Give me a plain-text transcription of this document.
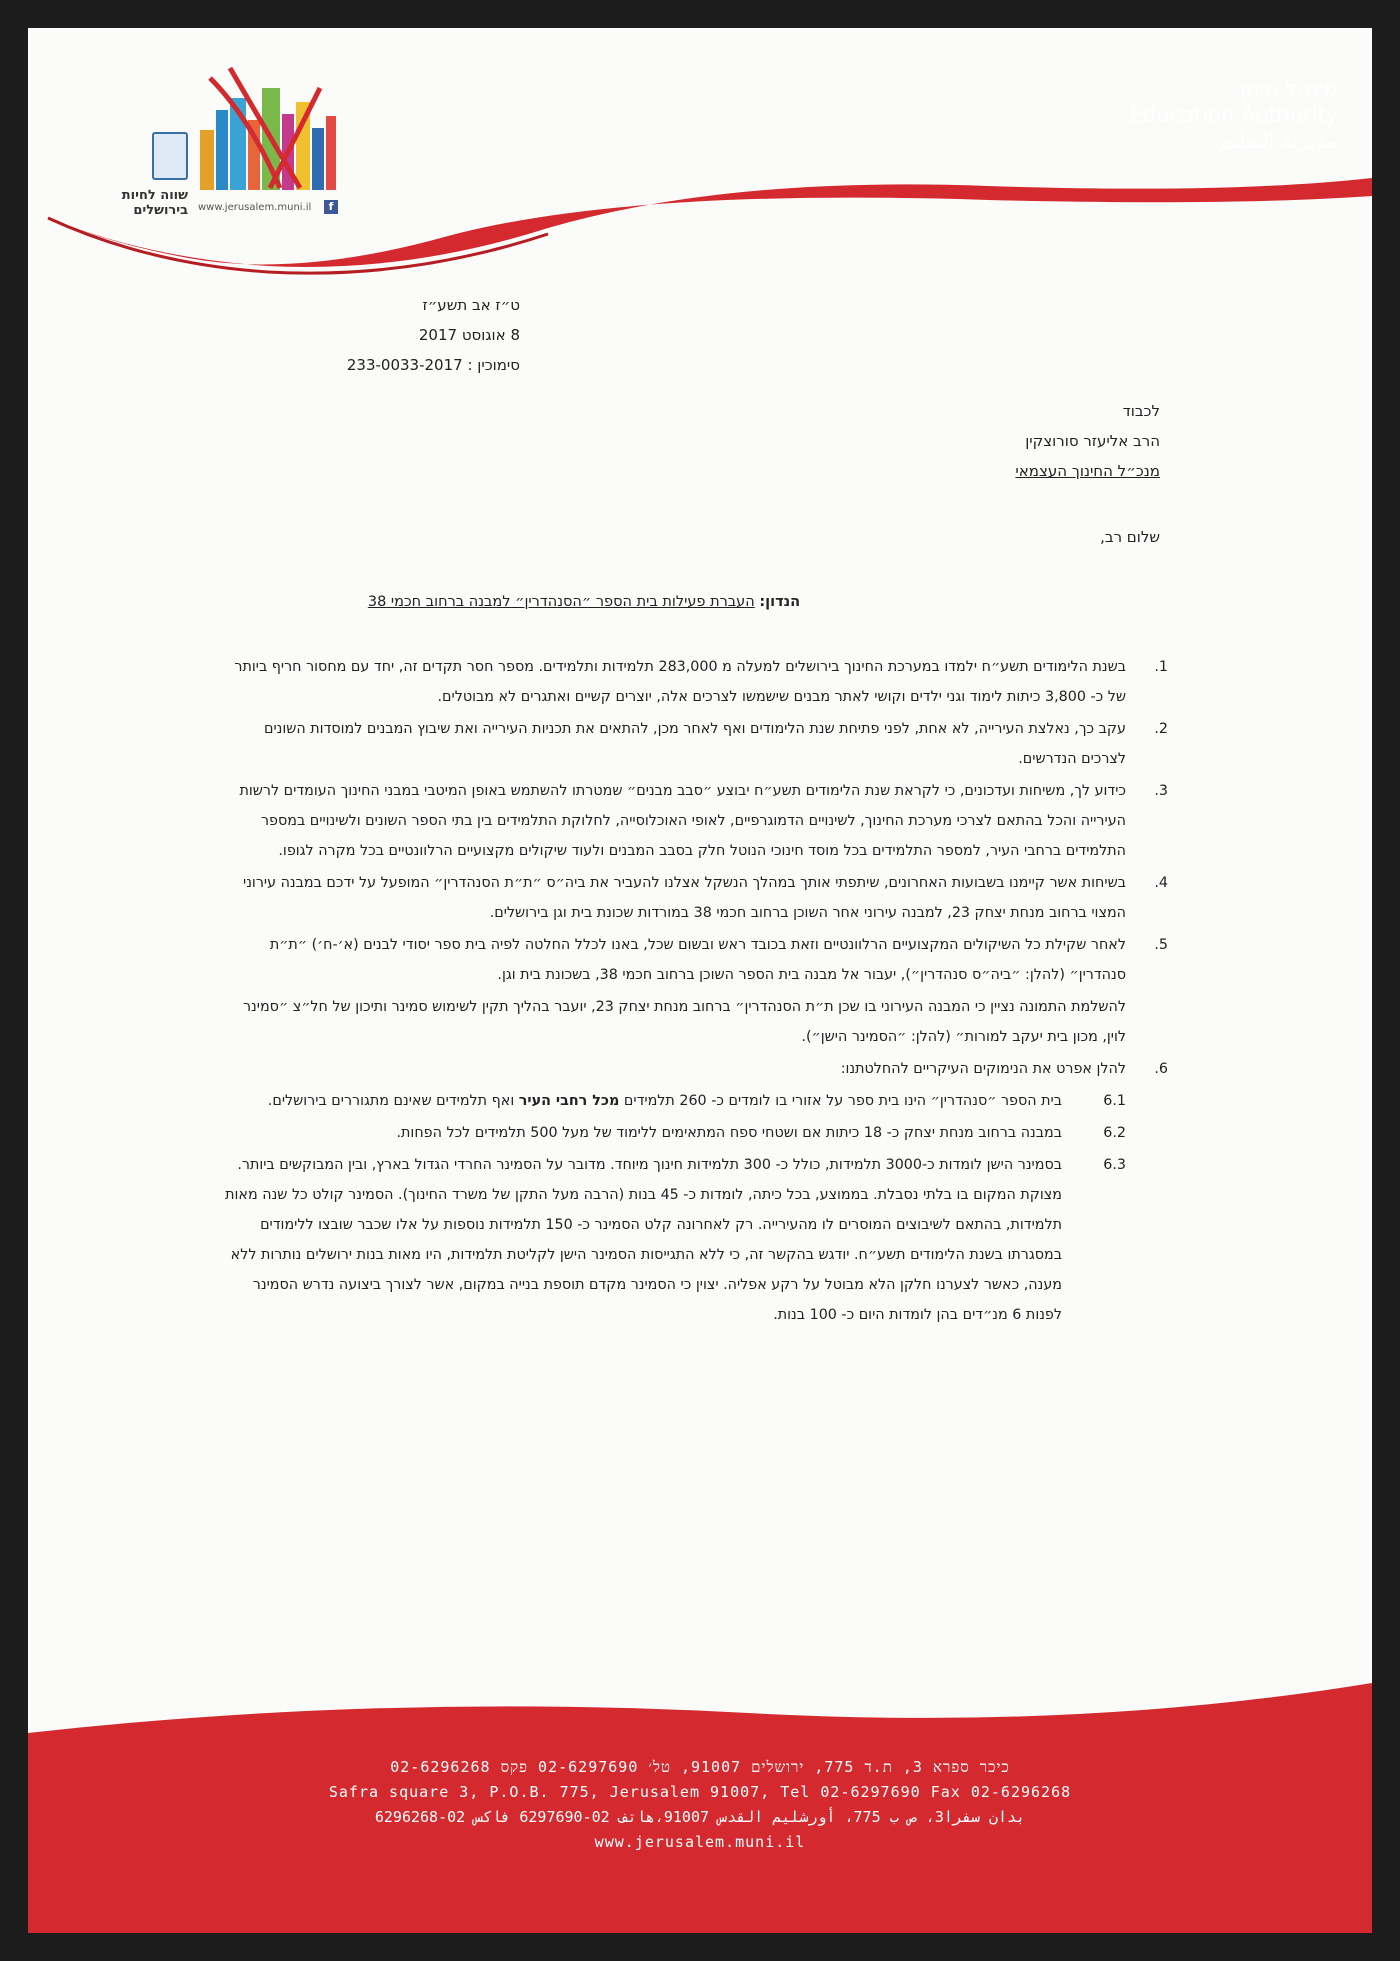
מינהל חינוך
Education Authority
مديرية التعليم
שווה לחיות
בירושלים www.jerusalem.muni.il	f
ט״ז אב תשע״ז
8 אוגוסט 2017
סימוכין : 233-0033-2017
לכבוד
הרב אליעזר סורוצקין
מנכ״ל החינוך העצמאי
שלום רב,
הנדון: העברת פעילות בית הספר ״הסנהדרין״ למבנה ברחוב חכמי 38
1.
בשנת הלימודים תשע״ח ילמדו במערכת החינוך בירושלים למעלה מ 283,000 תלמידות ותלמידים. מספר חסר תקדים זה, יחד עם מחסור חריף ביותר של כ- 3,800 כיתות לימוד וגני ילדים וקושי לאתר מבנים שישמשו לצרכים אלה, יוצרים קשיים ואתגרים לא מבוטלים.
2.
עקב כך, נאלצת העירייה, לא אחת, לפני פתיחת שנת הלימודים ואף לאחר מכן, להתאים את תכניות העירייה ואת שיבוץ המבנים למוסדות השונים לצרכים הנדרשים.
3.
כידוע לך, משיחות ועדכונים, כי לקראת שנת הלימודים תשע״ח יבוצע ״סבב מבנים״ שמטרתו להשתמש באופן המיטבי במבני החינוך העומדים לרשות העירייה והכל בהתאם לצרכי מערכת החינוך, לשינויים הדמוגרפיים, לאופי האוכלוסייה, לחלוקת התלמידים בין בתי הספר השונים ולשינויים במספר התלמידים ברחבי העיר, למספר התלמידים בכל מוסד חינוכי הנוטל חלק בסבב המבנים ולעוד שיקולים מקצועיים הרלוונטיים בכל מקרה לגופו.
4.
בשיחות אשר קיימנו בשבועות האחרונים, שיתפתי אותך במהלך הנשקל אצלנו להעביר את ביה״ס ״ת״ת הסנהדרין״ המופעל על ידכם במבנה עירוני המצוי ברחוב מנחת יצחק 23, למבנה עירוני אחר השוכן ברחוב חכמי 38 במורדות שכונת בית וגן בירושלים.
5.
לאחר שקילת כל השיקולים המקצועיים הרלוונטיים וזאת בכובד ראש ובשום שכל, באנו לכלל החלטה לפיה בית ספר יסודי לבנים (א׳-ח׳) ״ת״ת סנהדרין״ (להלן: ״ביה״ס סנהדרין״), יעבור אל מבנה בית הספר השוכן ברחוב חכמי 38, בשכונת בית וגן.
להשלמת התמונה נציין כי המבנה העירוני בו שכן ת״ת הסנהדרין״ ברחוב מנחת יצחק 23, יועבר בהליך תקין לשימוש סמינר ותיכון של חל״צ ״סמינר לוין, מכון בית יעקב למורות״ (להלן: ״הסמינר הישן״).
6.
להלן אפרט את הנימוקים העיקריים להחלטתנו:
6.1
בית הספר ״סנהדרין״ הינו בית ספר על אזורי בו לומדים כ- 260 תלמידים מכל רחבי העיר ואף תלמידים שאינם מתגוררים בירושלים.
6.2
במבנה ברחוב מנחת יצחק כ- 18 כיתות אם ושטחי ספח המתאימים ללימוד של מעל 500 תלמידים לכל הפחות.
6.3
בסמינר הישן לומדות כ-3000 תלמידות, כולל כ- 300 תלמידות חינוך מיוחד. מדובר על הסמינר החרדי הגדול בארץ, ובין המבוקשים ביותר. מצוקת המקום בו בלתי נסבלת. בממוצע, בכל כיתה, לומדות כ- 45 בנות (הרבה מעל התקן של משרד החינוך). הסמינר קולט כל שנה מאות תלמידות, בהתאם לשיבוצים המוסרים לו מהעירייה. רק לאחרונה קלט הסמינר כ- 150 תלמידות נוספות על אלו שכבר שובצו ללימודים במסגרתו בשנת הלימודים תשע״ח. יודגש בהקשר זה, כי ללא התגייסות הסמינר הישן לקליטת תלמידות, היו מאות בנות ירושלים נותרות ללא מענה, כאשר לצערנו חלקן הלא מבוטל על רקע אפליה. יצוין כי הסמינר מקדם תוספת בנייה במקום, אשר לצורך ביצועה נדרש הסמינר לפנות 6 מנ״דים בהן לומדות היום כ- 100 בנות.
כיכר ספרא 3, ת.ד 775, ירושלים 91007, טל׳ 02-6297690 פקס 02-6296268
Safra square 3, P.O.B. 775, Jerusalem 91007, Tel 02-6297690 Fax 02-6296268
بدان سفرا3، ص ب 775، أورشليم القدس 91007،هاتف 02-6297690 فاكس 02-6296268
www.jerusalem.muni.il
